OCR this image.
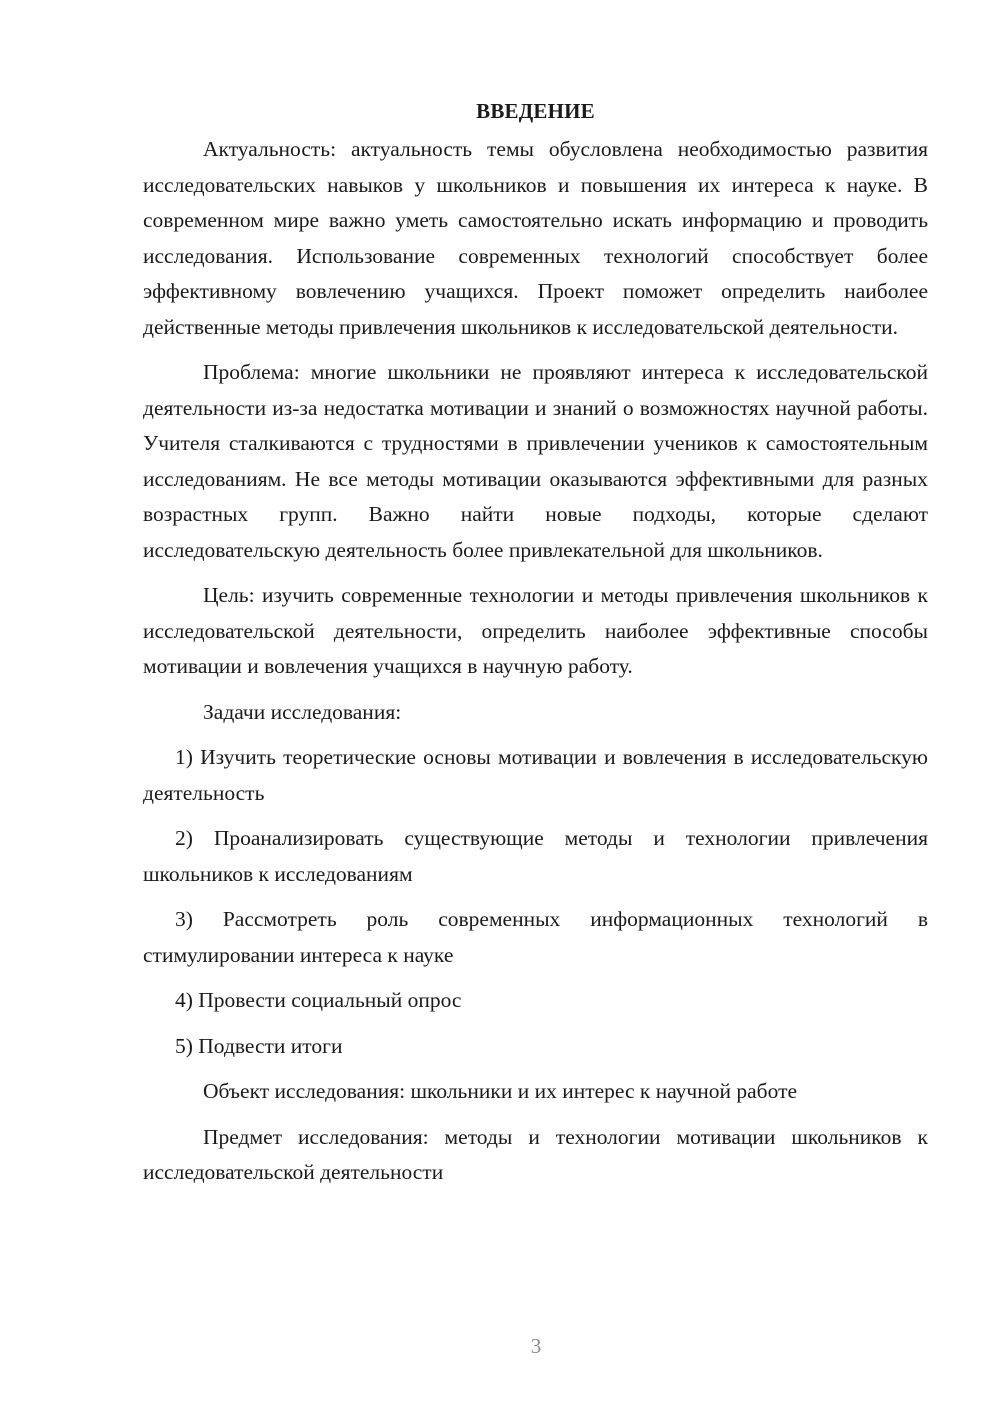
ВВЕДЕНИЕ

Актуальность: актуальность темы обусловлена необходимостью развития исследовательских навыков у школьников и повышения их интереса к науке. В современном мире важно уметь самостоятельно искать информацию и проводить исследования. Использование современных технологий способствует более эффективному вовлечению учащихся. Проект поможет определить наиболее действенные методы привлечения школьников к исследовательской деятельности.

Проблема: многие школьники не проявляют интереса к исследовательской деятельности из-за недостатка мотивации и знаний о возможностях научной работы. Учителя сталкиваются с трудностями в привлечении учеников к самостоятельным исследованиям. Не все методы мотивации оказываются эффективными для разных возрастных групп. Важно найти новые подходы, которые сделают исследовательскую деятельность более привлекательной для школьников.

Цель: изучить современные технологии и методы привлечения школьников к исследовательской деятельности, определить наиболее эффективные способы мотивации и вовлечения учащихся в научную работу.

Задачи исследования:

1) Изучить теоретические основы мотивации и вовлечения в исследовательскую деятельность

2) Проанализировать существующие методы и технологии привлечения школьников к исследованиям

3) Рассмотреть роль современных информационных технологий в стимулировании интереса к науке

4) Провести социальный опрос

5) Подвести итоги

Объект исследования: школьники и их интерес к научной работе

Предмет исследования: методы и технологии мотивации школьников к исследовательской деятельности

3
